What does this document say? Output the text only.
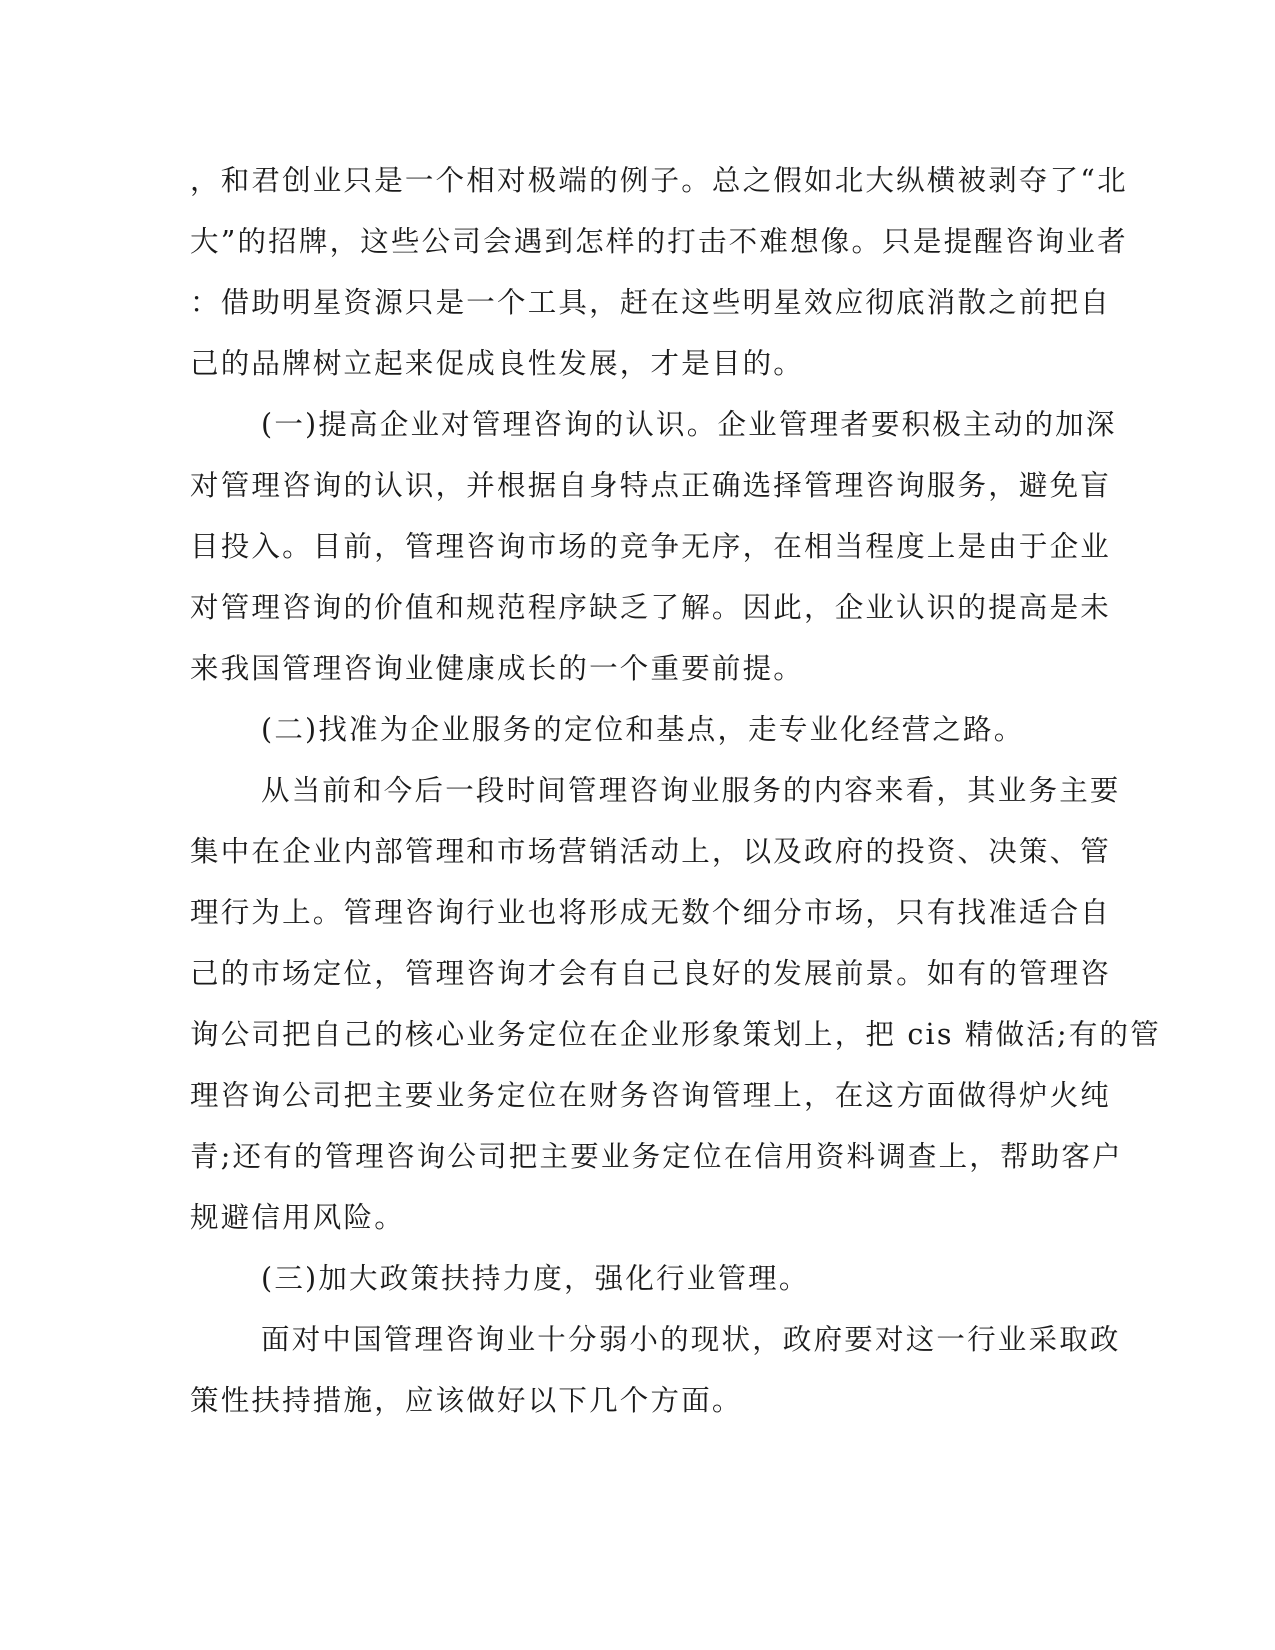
，和君创业只是一个相对极端的例子。总之假如北大纵横被剥夺了“北
大”的招牌，这些公司会遇到怎样的打击不难想像。只是提醒咨询业者
：借助明星资源只是一个工具，赶在这些明星效应彻底消散之前把自
己的品牌树立起来促成良性发展，才是目的。
(一)提高企业对管理咨询的认识。企业管理者要积极主动的加深
对管理咨询的认识，并根据自身特点正确选择管理咨询服务，避免盲
目投入。目前，管理咨询市场的竞争无序，在相当程度上是由于企业
对管理咨询的价值和规范程序缺乏了解。因此，企业认识的提高是未
来我国管理咨询业健康成长的一个重要前提。
(二)找准为企业服务的定位和基点，走专业化经营之路。
从当前和今后一段时间管理咨询业服务的内容来看，其业务主要
集中在企业内部管理和市场营销活动上，以及政府的投资、决策、管
理行为上。管理咨询行业也将形成无数个细分市场，只有找准适合自
己的市场定位，管理咨询才会有自己良好的发展前景。如有的管理咨
询公司把自己的核心业务定位在企业形象策划上，把 cis 精做活;有的管
理咨询公司把主要业务定位在财务咨询管理上，在这方面做得炉火纯
青;还有的管理咨询公司把主要业务定位在信用资料调查上，帮助客户
规避信用风险。
(三)加大政策扶持力度，强化行业管理。
面对中国管理咨询业十分弱小的现状，政府要对这一行业采取政
策性扶持措施，应该做好以下几个方面。
